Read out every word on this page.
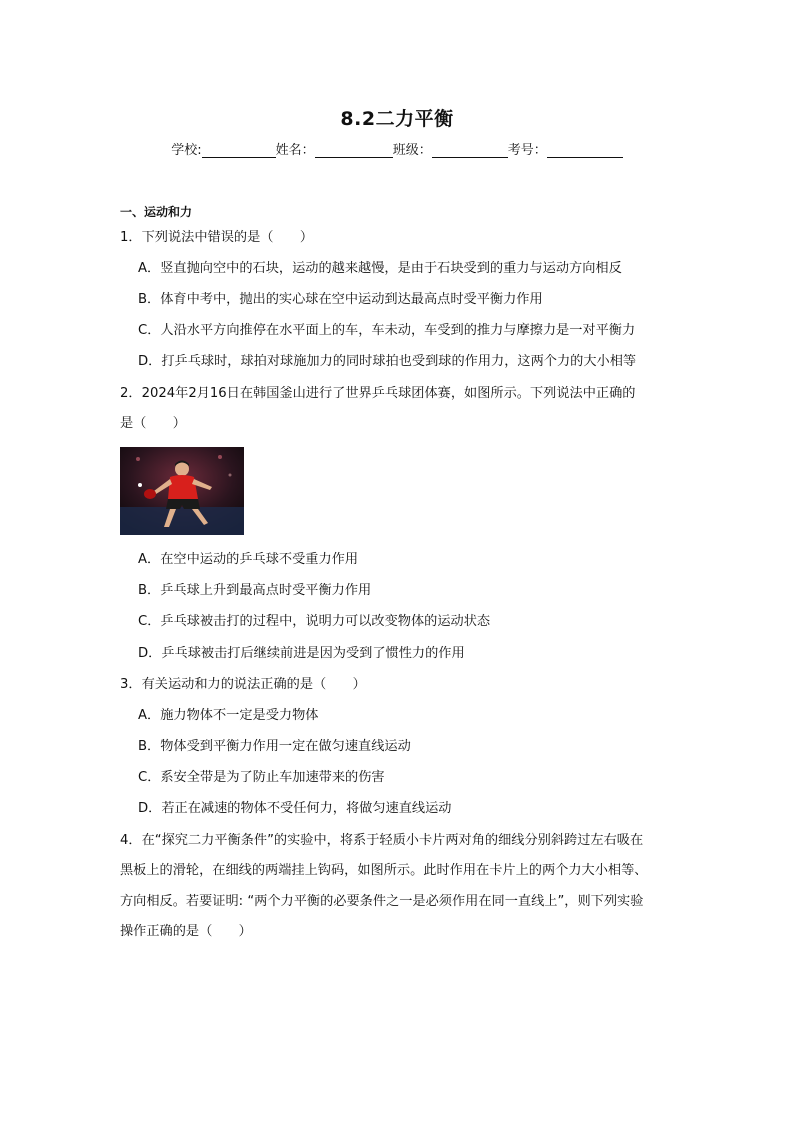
8.2二力平衡
学校:	姓名：	班级：	考号：
一、运动和力
1．下列说法中错误的是（　　）
A．竖直抛向空中的石块，运动的越来越慢，是由于石块受到的重力与运动方向相反
B．体育中考中，抛出的实心球在空中运动到达最高点时受平衡力作用
C．人沿水平方向推停在水平面上的车，车未动，车受到的推力与摩擦力是一对平衡力
D．打乒乓球时，球拍对球施加力的同时球拍也受到球的作用力，这两个力的大小相等
2．2024年2月16日在韩国釜山进行了世界乒乓球团体赛，如图所示。下列说法中正确的
是（　　）
A．在空中运动的乒乓球不受重力作用
B．乒乓球上升到最高点时受平衡力作用
C．乒乓球被击打的过程中，说明力可以改变物体的运动状态
D．乒乓球被击打后继续前进是因为受到了惯性力的作用
3．有关运动和力的说法正确的是（　　）
A．施力物体不一定是受力物体
B．物体受到平衡力作用一定在做匀速直线运动
C．系安全带是为了防止车加速带来的伤害
D．若正在减速的物体不受任何力，将做匀速直线运动
4．在“探究二力平衡条件”的实验中，将系于轻质小卡片两对角的细线分别斜跨过左右吸在
黑板上的滑轮，在细线的两端挂上钩码，如图所示。此时作用在卡片上的两个力大小相等、
方向相反。若要证明: “两个力平衡的必要条件之一是必须作用在同一直线上”，则下列实验
操作正确的是（　　）
